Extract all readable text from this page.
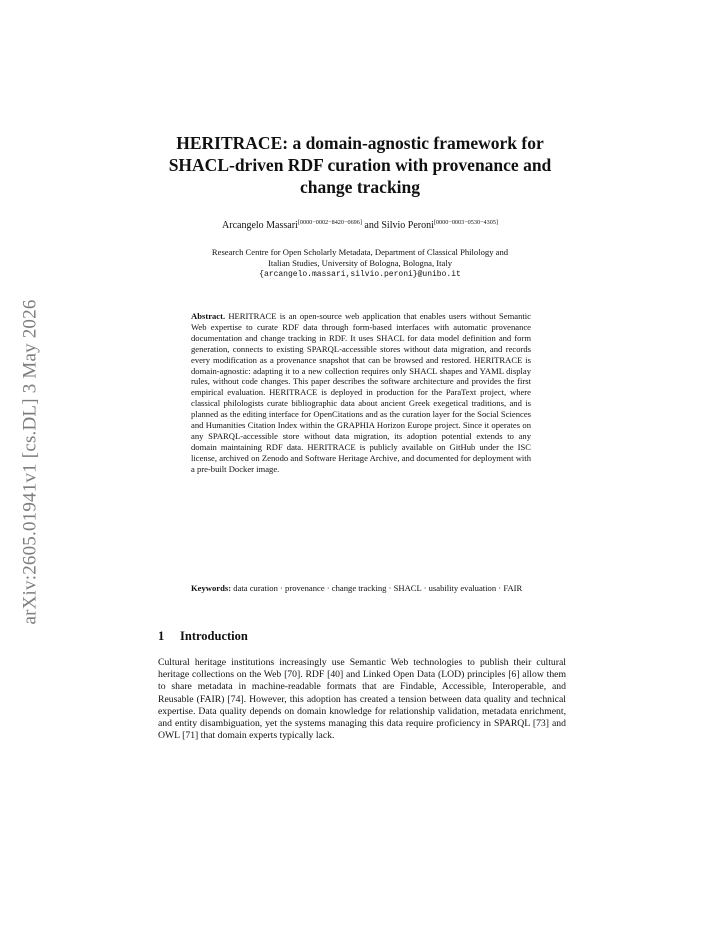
arXiv:2605.01941v1 [cs.DL] 3 May 2026
HERITRACE: a domain-agnostic framework for SHACL-driven RDF curation with provenance and change tracking
Arcangelo Massari[0000−0002−8420−0696] and Silvio Peroni[0000−0003−0530−4305]
Research Centre for Open Scholarly Metadata, Department of Classical Philology and
Italian Studies, University of Bologna, Bologna, Italy
{arcangelo.massari,silvio.peroni}@unibo.it

Abstract. HERITRACE is an open-source web application that enables users without Semantic Web expertise to curate RDF data through form-based interfaces with automatic provenance documentation and change tracking in RDF. It uses SHACL for data model definition and form generation, connects to existing SPARQL-accessible stores without data migration, and records every modification as a provenance snapshot that can be browsed and restored. HERITRACE is domain-agnostic: adapting it to a new collection requires only SHACL shapes and YAML display rules, without code changes. This paper describes the software architecture and provides the first empirical evaluation. HERITRACE is deployed in production for the ParaText project, where classical philologists curate bibliographic data about ancient Greek exegetical traditions, and is planned as the editing interface for OpenCitations and as the curation layer for the Social Sciences and Humanities Citation Index within the GRAPHIA Horizon Europe project. Since it operates on any SPARQL-accessible store without data migration, its adoption potential extends to any domain maintaining RDF data. HERITRACE is publicly available on GitHub under the ISC license, archived on Zenodo and Software Heritage Archive, and documented for deployment with a pre-built Docker image.

Keywords: data curation · provenance · change tracking · SHACL · usability evaluation · FAIR

1 Introduction

Cultural heritage institutions increasingly use Semantic Web technologies to publish their cultural heritage collections on the Web [70]. RDF [40] and Linked Open Data (LOD) principles [6] allow them to share metadata in machine-readable formats that are Findable, Accessible, Interoperable, and Reusable (FAIR) [74]. However, this adoption has created a tension between data quality and technical expertise. Data quality depends on domain knowledge for relationship validation, metadata enrichment, and entity disambiguation, yet the systems managing this data require proficiency in SPARQL [73] and OWL [71] that domain experts typically lack.
